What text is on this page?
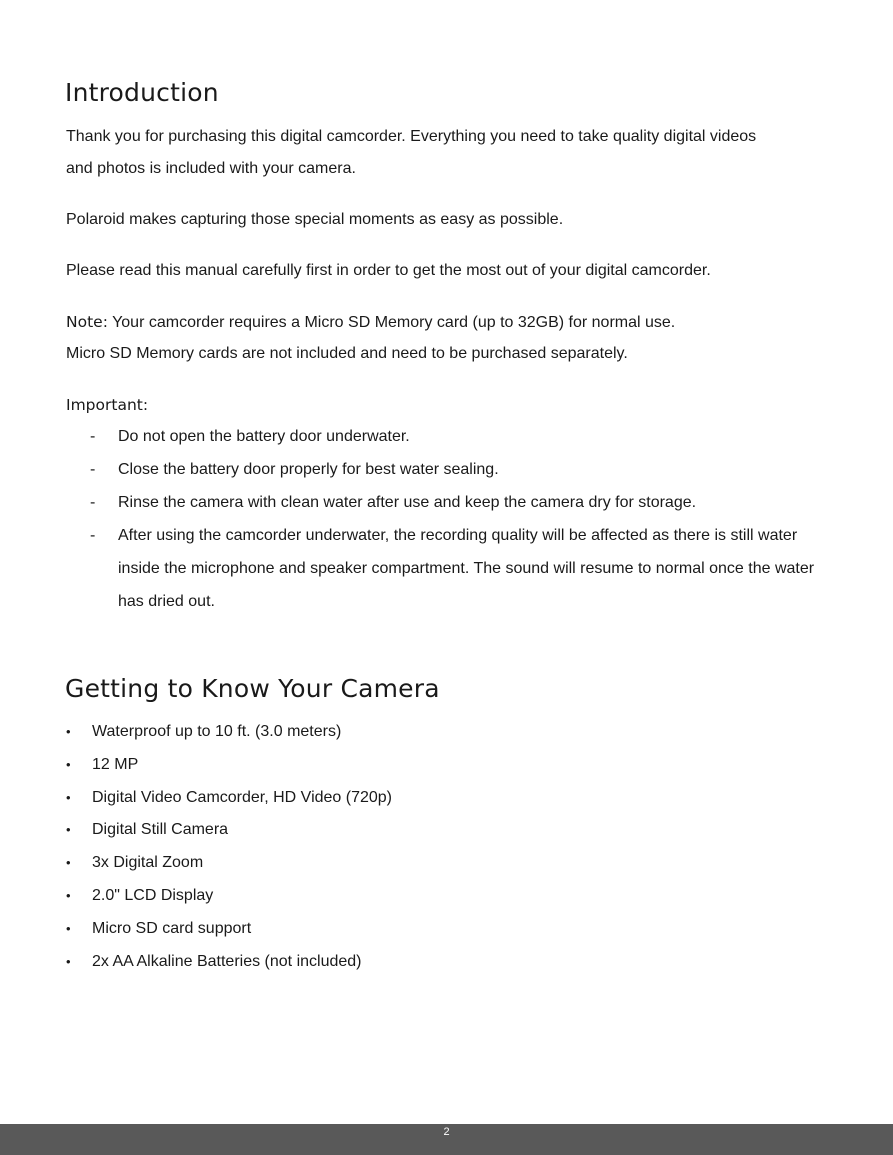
Introduction

Thank you for purchasing this digital camcorder. Everything you need to take quality digital videos

and photos is included with your camera.

Polaroid makes capturing those special moments as easy as possible.

Please read this manual carefully first in order to get the most out of your digital camcorder.

Note: Your camcorder requires a Micro SD Memory card (up to 32GB) for normal use.

Micro SD Memory cards are not included and need to be purchased separately.

Important:

- Do not open the battery door underwater.
- Close the battery door properly for best water sealing.
- Rinse the camera with clean water after use and keep the camera dry for storage.
- After using the camcorder underwater, the recording quality will be affected as there is still water inside the microphone and speaker compartment. The sound will resume to normal once the water has dried out.
Getting to Know Your Camera
• Waterproof up to 10 ft. (3.0 meters)
• 12 MP
• Digital Video Camcorder, HD Video (720p)
• Digital Still Camera
• 3x Digital Zoom
• 2.0" LCD Display
• Micro SD card support
• 2x AA Alkaline Batteries (not included)
2
